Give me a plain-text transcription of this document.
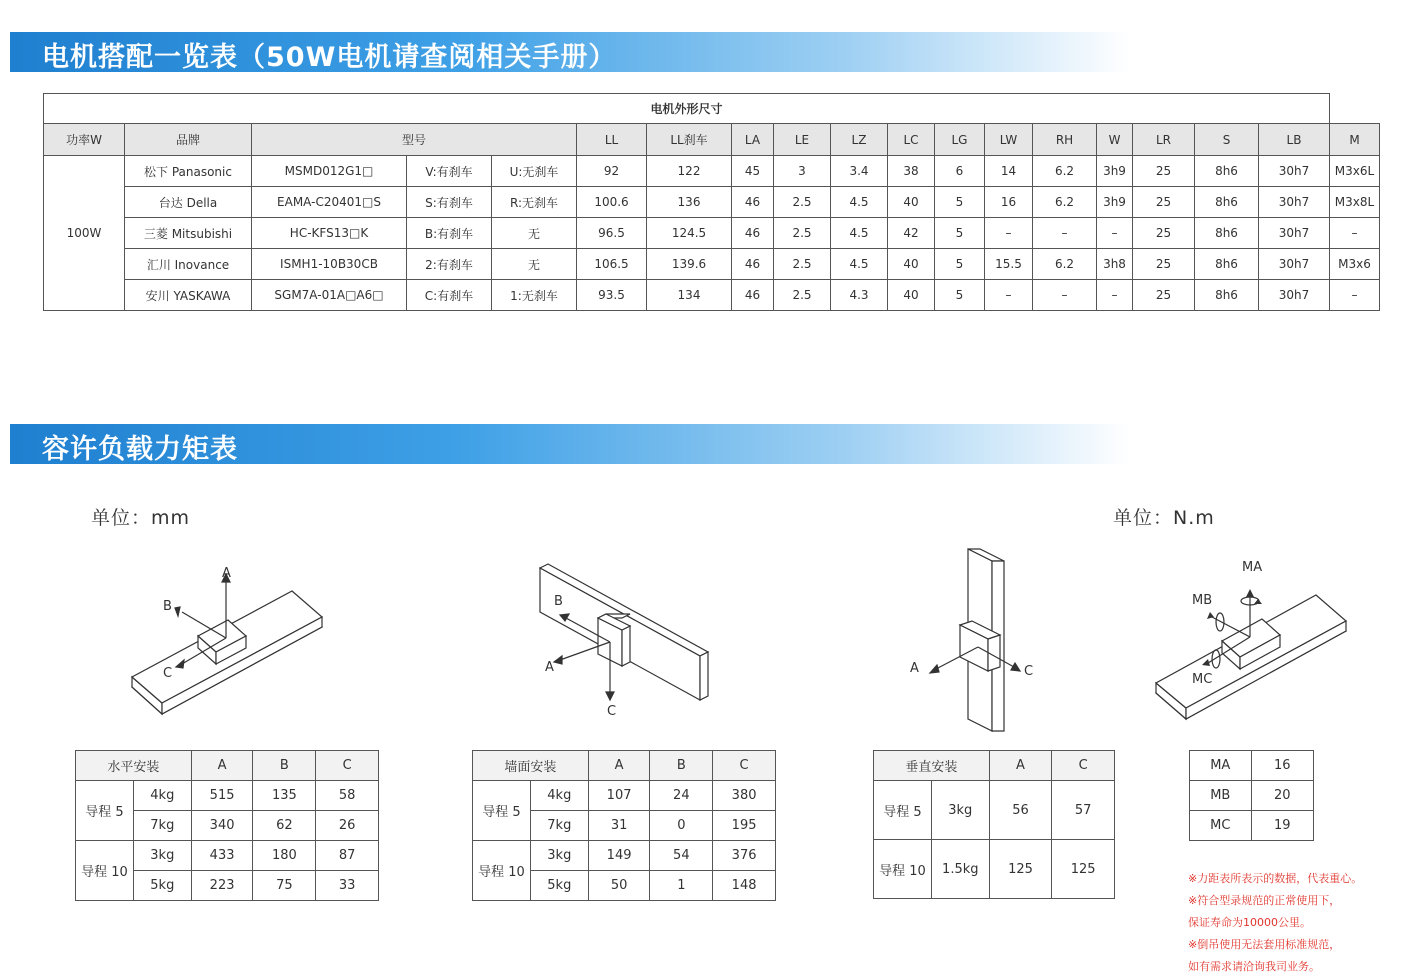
电机搭配一览表（50W电机请查阅相关手册）
电机外形尺寸																		
功率W	品牌	型号			LL	LL刹车	LA	LE	LZ	LC	LG	LW	RH	W	LR	S	LB	M
100W	松下 Panasonic	MSMD012G1□	V:有刹车	U:无刹车	92	122	45	3	3.4	38	6	14	6.2	3h9	25	8h6	30h7	M3x6L
	台达 Della	EAMA-C20401□S	S:有刹车	R:无刹车	100.6	136	46	2.5	4.5	40	5	16	6.2	3h9	25	8h6	30h7	M3x8L
	三菱 Mitsubishi	HC-KFS13□K	B:有刹车	无	96.5	124.5	46	2.5	4.5	42	5	–	–	–	25	8h6	30h7	–
	汇川 Inovance	ISMH1-10B30CB	2:有刹车	无	106.5	139.6	46	2.5	4.5	40	5	15.5	6.2	3h8	25	8h6	30h7	M3x6
	安川 YASKAWA	SGM7A-01A□A6□	C:有刹车	1:无刹车	93.5	134	46	2.5	4.3	40	5	–	–	–	25	8h6	30h7	–
容许负载力矩表
单位：mm	单位：N.m
A
B
C
B
A
C
A	C
MA
MB
MC
水平安装		A	B	C
导程 5	4kg	515	135	58
	7kg	340	62	26
导程 10	3kg	433	180	87
	5kg	223	75	33
墙面安装		A	B	C
导程 5	4kg	107	24	380
	7kg	31	0	195
导程 10	3kg	149	54	376
	5kg	50	1	148
垂直安装		A	C
导程 5	3kg	56	57
导程 10	1.5kg	125	125
MA	16
MB	20
MC	19
※力距表所表示的数据，代表重心。
※符合型录规范的正常使用下，
保证寿命为10000公里。
※倒吊使用无法套用标准规范，
如有需求请洽询我司业务。
